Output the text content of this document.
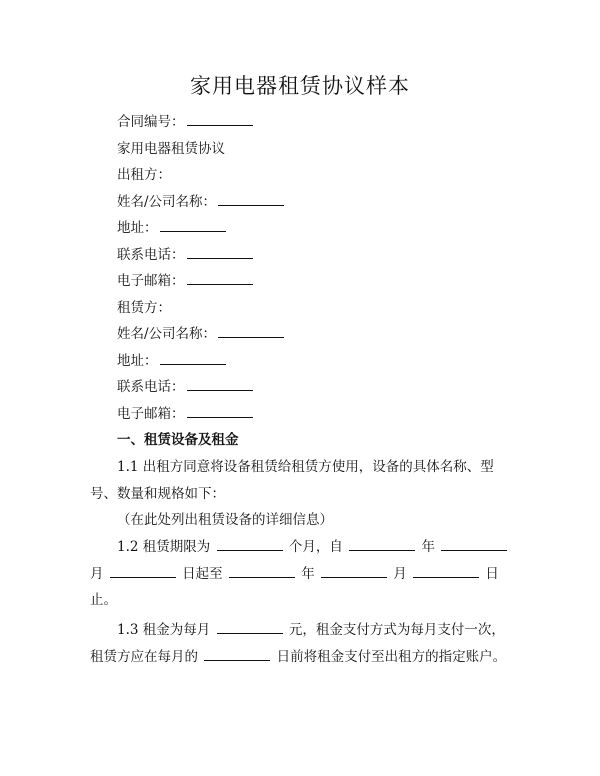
家用电器租赁协议样本
合同编号：
家用电器租赁协议
出租方：
姓名/公司名称：
地址：
联系电话：
电子邮箱：
租赁方：
姓名/公司名称：
地址：
联系电话：
电子邮箱：
一、租赁设备及租金

1.1 出租方同意将设备租赁给租赁方使用，设备的具体名称、型号、数量和规格如下：

（在此处列出租赁设备的详细信息）

1.2 租赁期限为	个月，自	年  月	日起至	年	月	日止。

1.3 租金为每月	元，租金支付方式为每月支付一次，租赁方应在每月的	日前将租金支付至出租方的指定账户。
